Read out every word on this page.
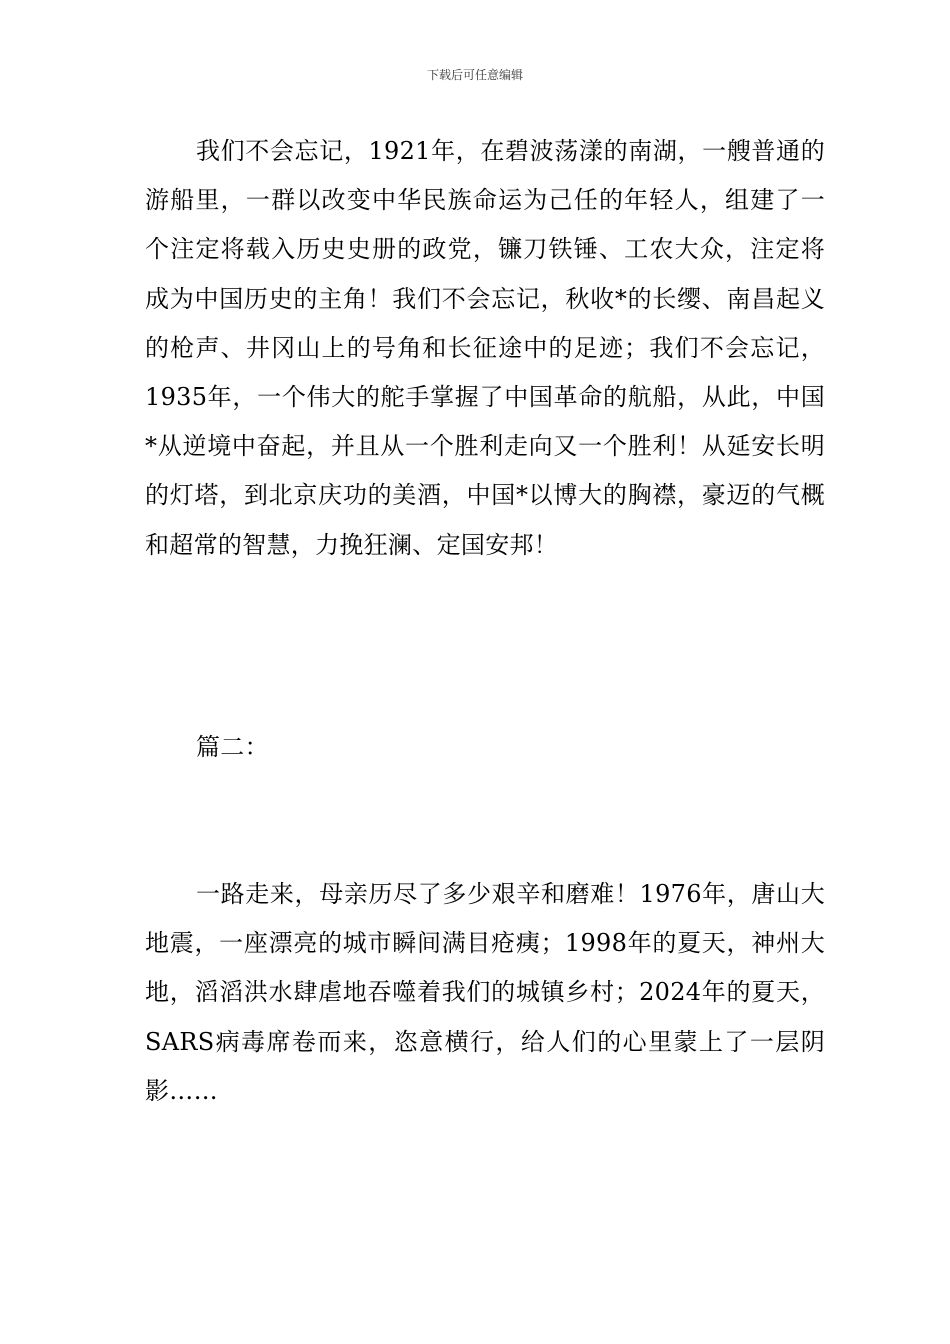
下载后可任意编辑

我们不会忘记，1921年，在碧波荡漾的南湖，一艘普通的游船里，一群以改变中华民族命运为己任的年轻人，组建了一个注定将载入历史史册的政党，镰刀铁锤、工农大众，注定将成为中国历史的主角！我们不会忘记，秋收*的长缨、南昌起义的枪声、井冈山上的号角和长征途中的足迹；我们不会忘记，1935年，一个伟大的舵手掌握了中国革命的航船，从此，中国*从逆境中奋起，并且从一个胜利走向又一个胜利！从延安长明的灯塔，到北京庆功的美酒，中国*以博大的胸襟，豪迈的气概和超常的智慧，力挽狂澜、定国安邦！

篇二：

一路走来，母亲历尽了多少艰辛和磨难！1976年，唐山大地震，一座漂亮的城市瞬间满目疮痍；1998年的夏天，神州大地，滔滔洪水肆虐地吞噬着我们的城镇乡村；2024年的夏天，SARS病毒席卷而来，恣意横行，给人们的心里蒙上了一层阴影……
